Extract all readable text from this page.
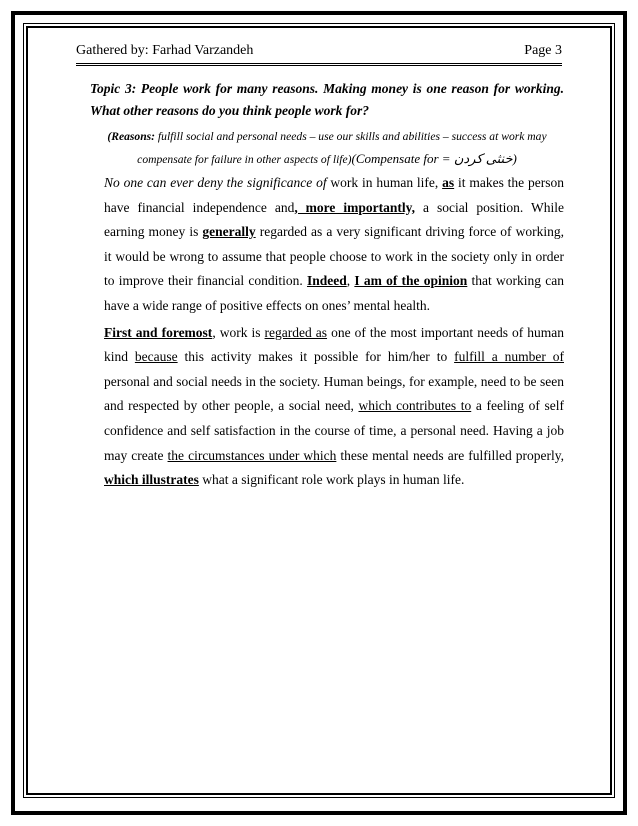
Gathered by: Farhad Varzandeh	Page 3
Topic 3: People work for many reasons. Making money is one reason for working. What other reasons do you think people work for?
(Reasons: fulfill social and personal needs – use our skills and abilities – success at work may compensate for failure in other aspects of life)(Compensate for = خنثی کردن)

No one can ever deny the significance of work in human life, as it makes the person have financial independence and, more importantly, a social position. While earning money is generally regarded as a very significant driving force of working, it would be wrong to assume that people choose to work in the society only in order to improve their financial condition. Indeed, I am of the opinion that working can have a wide range of positive effects on ones’ mental health.

First and foremost, work is regarded as one of the most important needs of human kind because this activity makes it possible for him/her to fulfill a number of personal and social needs in the society. Human beings, for example, need to be seen and respected by other people, a social need, which contributes to a feeling of self confidence and self satisfaction in the course of time, a personal need. Having a job may create the circumstances under which these mental needs are fulfilled properly, which illustrates what a significant role work plays in human life.
